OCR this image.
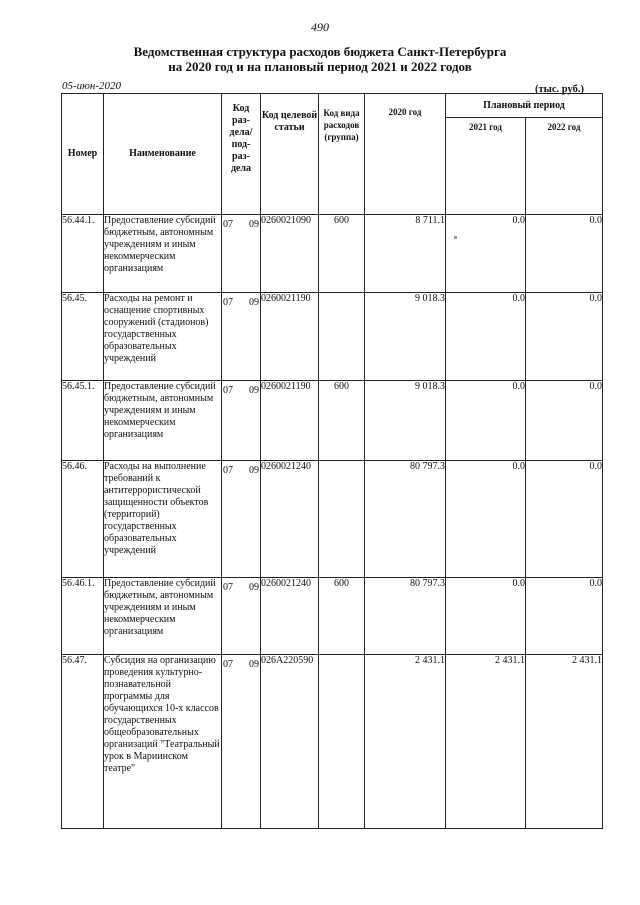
490
Ведомственная структура расходов бюджета Санкт-Петербурга
на 2020 год и на плановый период 2021 и 2022 годов
05-июн-2020	(тыс. руб.)
Номер	Наименование	Код раз-дела/ под-раз-дела	Код целевой статьи	Код вида расходов (группа)	2020 год	Плановый период	
						2021 год	2022 год
56.44.1.	Предоставление субсидий бюджетным, автономным учреждениям и иным некоммерческим организациям	07 09	0260021090	600	8 711.1	0.0	0.0
56.45.	Расходы на ремонт и оснащение спортивных сооружений (стадионов) государственных образовательных учреждений	07 09	0260021190		9 018.3	0.0	0.0
56.45.1.	Предоставление субсидий бюджетным, автономным учреждениям и иным некоммерческим организациям	07 09	0260021190	600	9 018.3	0.0	0.0
56.46.	Расходы на выполнение требований к антитеррористической защищенности объектов (территорий) государственных образовательных учреждений	07 09	0260021240		80 797.3	0.0	0.0
56.46.1.	Предоставление субсидий бюджетным, автономным учреждениям и иным некоммерческим организациям	07 09	0260021240	600	80 797.3	0.0	0.0
56.47.	Субсидия на организацию проведения культурно-познавательной программы для обучающихся 10-х классов государственных общеобразовательных организаций "Театральный урок в Мариинском театре"	07 09	026А220590		2 431.1	2 431.1	2 431.1
